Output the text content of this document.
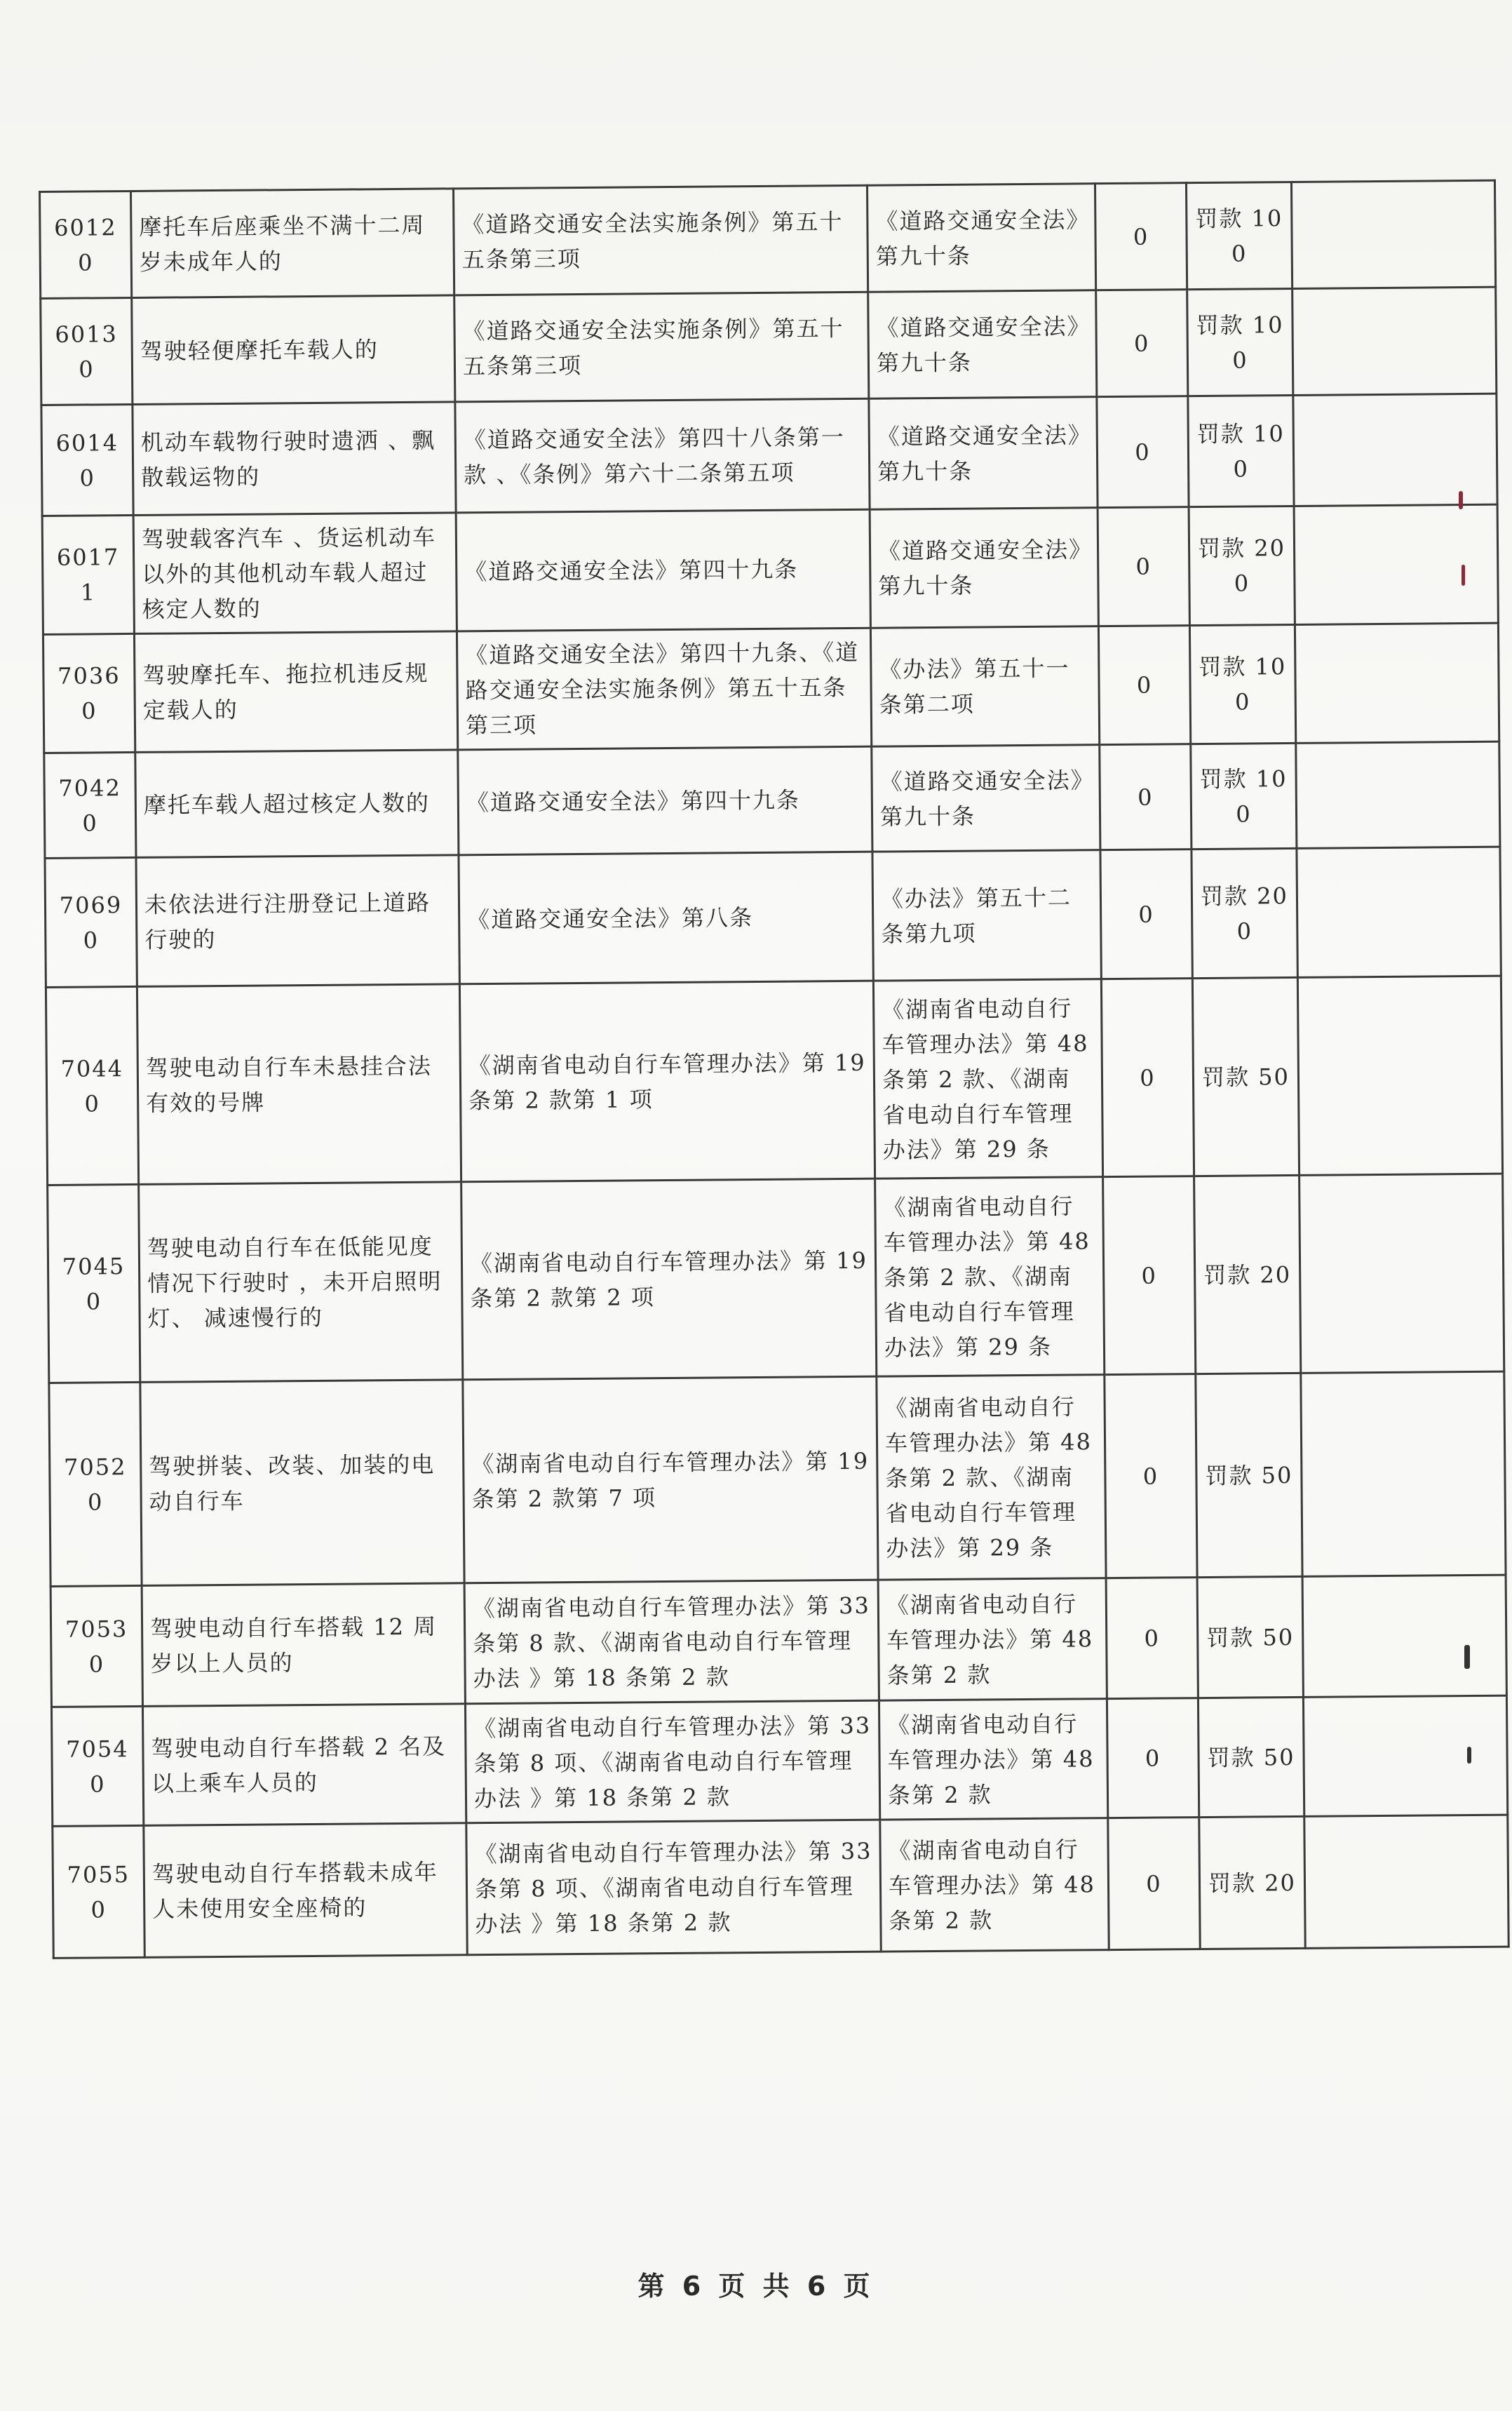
60120	摩托车后座乘坐不满十二周岁未成年人的	《道路交通安全法实施条例》第五十五条第三项	《道路交通安全法》第九十条	0	罚款 100	
60130	驾驶轻便摩托车载人的	《道路交通安全法实施条例》第五十五条第三项	《道路交通安全法》第九十条	0	罚款 100	
60140	机动车载物行驶时遗洒 、飘散载运物的	《道路交通安全法》第四十八条第一款 、《条例》第六十二条第五项	《道路交通安全法》第九十条	0	罚款 100	
60171	驾驶载客汽车 、货运机动车以外的其他机动车载人超过核定人数的	《道路交通安全法》第四十九条	《道路交通安全法》第九十条	0	罚款 200	
70360	驾驶摩托车、拖拉机违反规定载人的	《道路交通安全法》第四十九条、《道路交通安全法实施条例》第五十五条第三项	《办法》第五十一条第二项	0	罚款 100	
70420	摩托车载人超过核定人数的	《道路交通安全法》第四十九条	《道路交通安全法》第九十条	0	罚款 100	
70690	未依法进行注册登记上道路行驶的	《道路交通安全法》第八条	《办法》第五十二条第九项	0	罚款 200	
70440	驾驶电动自行车未悬挂合法有效的号牌	《湖南省电动自行车管理办法》第 19 条第 2 款第 1 项	《湖南省电动自行车管理办法》第 48 条第 2 款、《湖南省电动自行车管理办法》第 29 条	0	罚款 50	
70450	驾驶电动自行车在低能见度情况下行驶时 ，未开启照明灯、 减速慢行的	《湖南省电动自行车管理办法》第 19 条第 2 款第 2 项	《湖南省电动自行车管理办法》第 48 条第 2 款、《湖南省电动自行车管理办法》第 29 条	0	罚款 20	
70520	驾驶拼装、改装、加装的电动自行车	《湖南省电动自行车管理办法》第 19 条第 2 款第 7 项	《湖南省电动自行车管理办法》第 48 条第 2 款、《湖南省电动自行车管理办法》第 29 条	0	罚款 50	
70530	驾驶电动自行车搭载 12 周岁以上人员的	《湖南省电动自行车管理办法》第 33 条第 8 款、《湖南省电动自行车管理办法 》第 18 条第 2 款	《湖南省电动自行车管理办法》第 48 条第 2 款	0	罚款 50	
70540	驾驶电动自行车搭载 2 名及以上乘车人员的	《湖南省电动自行车管理办法》第 33 条第 8 项、《湖南省电动自行车管理办法 》第 18 条第 2 款	《湖南省电动自行车管理办法》第 48 条第 2 款	0	罚款 50	
70550	驾驶电动自行车搭载未成年人未使用安全座椅的	《湖南省电动自行车管理办法》第 33 条第 8 项、《湖南省电动自行车管理办法 》第 18 条第 2 款	《湖南省电动自行车管理办法》第 48 条第 2 款	0	罚款 20	
第 6 页 共 6 页
